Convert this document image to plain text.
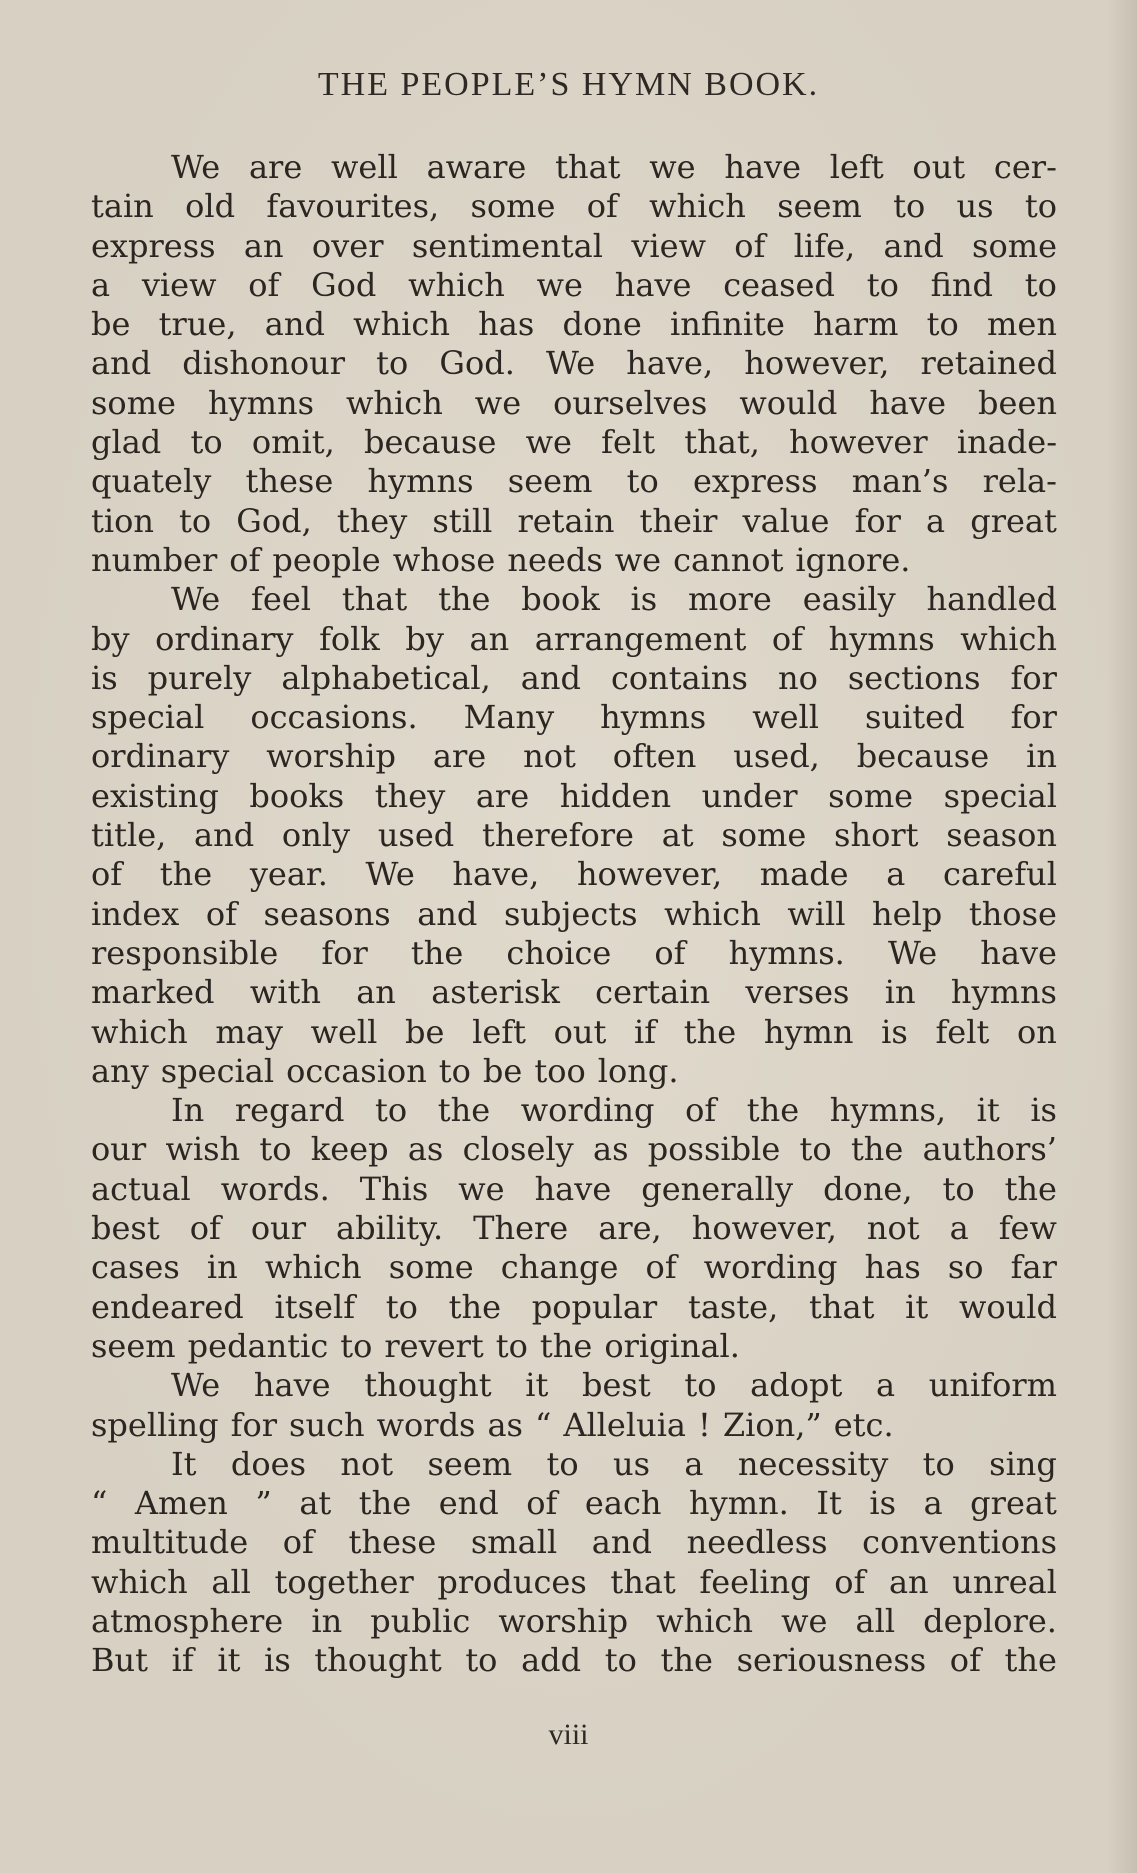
THE PEOPLE’S HYMN BOOK.
We are well aware that we have left out cer-
tain old favourites, some of which seem to us to
express an over sentimental view of life, and some
a view of God which we have ceased to find to
be true, and which has done infinite harm to men
and dishonour to God. We have, however, retained
some hymns which we ourselves would have been
glad to omit, because we felt that, however inade-
quately these hymns seem to express man’s rela-
tion to God, they still retain their value for a great
number of people whose needs we cannot ignore.
We feel that the book is more easily handled
by ordinary folk by an arrangement of hymns which
is purely alphabetical, and contains no sections for
special occasions. Many hymns well suited for
ordinary worship are not often used, because in
existing books they are hidden under some special
title, and only used therefore at some short season
of the year. We have, however, made a careful
index of seasons and subjects which will help those
responsible for the choice of hymns. We have
marked with an asterisk certain verses in hymns
which may well be left out if the hymn is felt on
any special occasion to be too long.
In regard to the wording of the hymns, it is
our wish to keep as closely as possible to the authors’
actual words. This we have generally done, to the
best of our ability. There are, however, not a few
cases in which some change of wording has so far
endeared itself to the popular taste, that it would
seem pedantic to revert to the original.
We have thought it best to adopt a uniform
spelling for such words as “ Alleluia ! Zion,” etc.
It does not seem to us a necessity to sing
“ Amen ” at the end of each hymn. It is a great
multitude of these small and needless conventions
which all together produces that feeling of an unreal
atmosphere in public worship which we all deplore.
But if it is thought to add to the seriousness of the
viii
